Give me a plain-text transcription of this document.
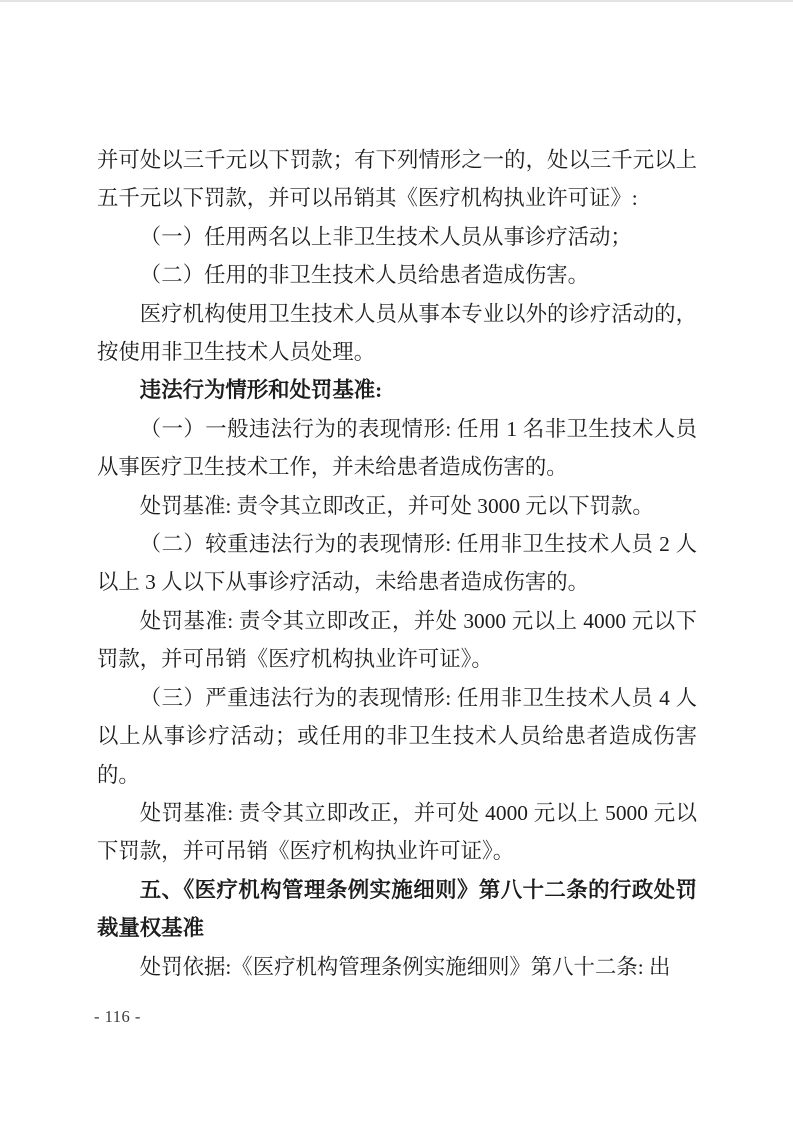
并可处以三千元以下罚款；有下列情形之一的，处以三千元以上五千元以下罚款，并可以吊销其《医疗机构执业许可证》:

（一）任用两名以上非卫生技术人员从事诊疗活动；

（二）任用的非卫生技术人员给患者造成伤害。

医疗机构使用卫生技术人员从事本专业以外的诊疗活动的，按使用非卫生技术人员处理。

违法行为情形和处罚基准:

（一）一般违法行为的表现情形: 任用 1 名非卫生技术人员从事医疗卫生技术工作，并未给患者造成伤害的。

处罚基准: 责令其立即改正，并可处 3000 元以下罚款。

（二）较重违法行为的表现情形: 任用非卫生技术人员 2 人以上 3 人以下从事诊疗活动，未给患者造成伤害的。

处罚基准: 责令其立即改正，并处 3000 元以上 4000 元以下罚款，并可吊销《医疗机构执业许可证》。

（三）严重违法行为的表现情形: 任用非卫生技术人员 4 人以上从事诊疗活动；或任用的非卫生技术人员给患者造成伤害的。

处罚基准: 责令其立即改正，并可处 4000 元以上 5000 元以下罚款，并可吊销《医疗机构执业许可证》。

五、《医疗机构管理条例实施细则》第八十二条的行政处罚裁量权基准

处罚依据:《医疗机构管理条例实施细则》第八十二条: 出

- 116 -
